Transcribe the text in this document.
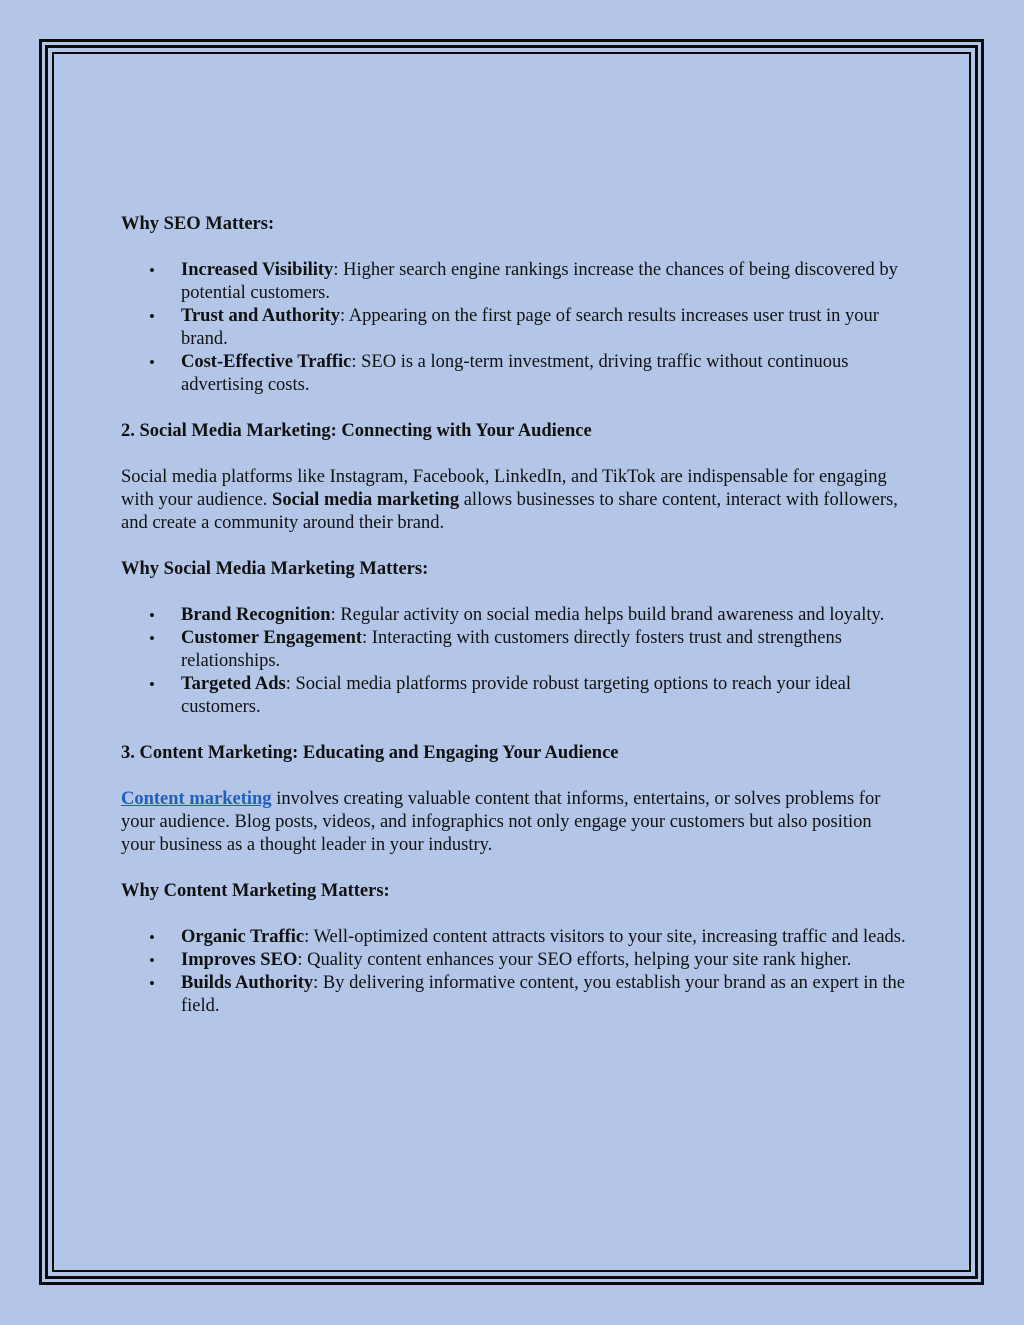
Why SEO Matters:

• Increased Visibility: Higher search engine rankings increase the chances of being discovered by potential customers.
• Trust and Authority: Appearing on the first page of search results increases user trust in your brand.
• Cost-Effective Traffic: SEO is a long-term investment, driving traffic without continuous advertising costs.

2. Social Media Marketing: Connecting with Your Audience

Social media platforms like Instagram, Facebook, LinkedIn, and TikTok are indispensable for engaging with your audience. Social media marketing allows businesses to share content, interact with followers, and create a community around their brand.

Why Social Media Marketing Matters:

• Brand Recognition: Regular activity on social media helps build brand awareness and loyalty.
• Customer Engagement: Interacting with customers directly fosters trust and strengthens relationships.
• Targeted Ads: Social media platforms provide robust targeting options to reach your ideal customers.

3. Content Marketing: Educating and Engaging Your Audience

Content marketing involves creating valuable content that informs, entertains, or solves problems for your audience. Blog posts, videos, and infographics not only engage your customers but also position your business as a thought leader in your industry.

Why Content Marketing Matters:

• Organic Traffic: Well-optimized content attracts visitors to your site, increasing traffic and leads.
• Improves SEO: Quality content enhances your SEO efforts, helping your site rank higher.
• Builds Authority: By delivering informative content, you establish your brand as an expert in the field.
